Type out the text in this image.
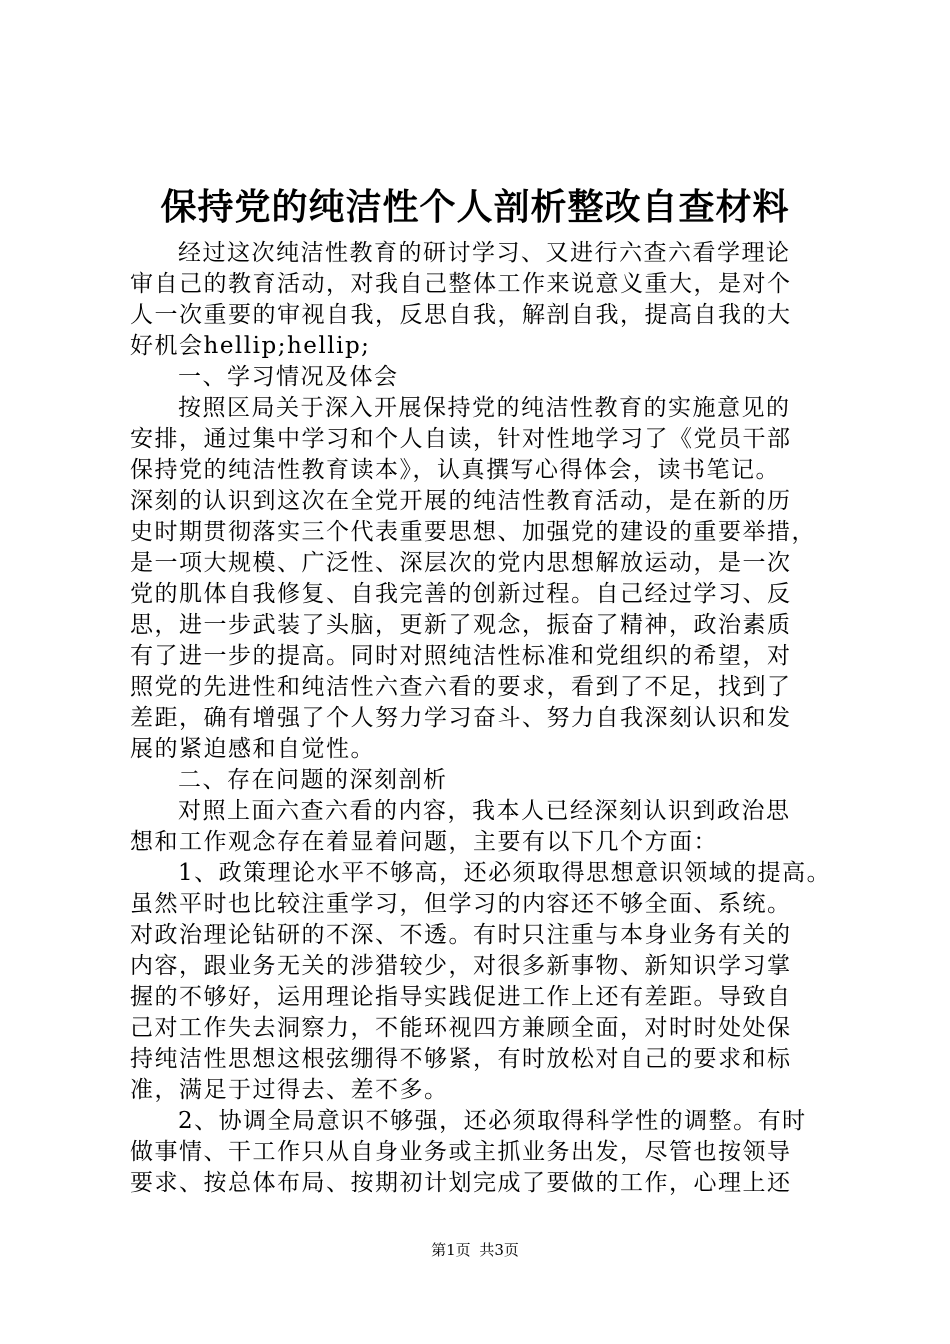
保持党的纯洁性个人剖析整改自查材料
经过这次纯洁性教育的研讨学习、又进行六查六看学理论
审自己的教育活动，对我自己整体工作来说意义重大，是对个
人一次重要的审视自我，反思自我，解剖自我，提高自我的大
好机会hellip;hellip;
一、学习情况及体会
按照区局关于深入开展保持党的纯洁性教育的实施意见的
安排，通过集中学习和个人自读，针对性地学习了《党员干部
保持党的纯洁性教育读本》，认真撰写心得体会，读书笔记。
深刻的认识到这次在全党开展的纯洁性教育活动，是在新的历
史时期贯彻落实三个代表重要思想、加强党的建设的重要举措，
是一项大规模、广泛性、深层次的党内思想解放运动，是一次
党的肌体自我修复、自我完善的创新过程。自己经过学习、反
思，进一步武装了头脑，更新了观念，振奋了精神，政治素质
有了进一步的提高。同时对照纯洁性标准和党组织的希望，对
照党的先进性和纯洁性六查六看的要求，看到了不足，找到了
差距，确有增强了个人努力学习奋斗、努力自我深刻认识和发
展的紧迫感和自觉性。
二、存在问题的深刻剖析
对照上面六查六看的内容，我本人已经深刻认识到政治思
想和工作观念存在着显着问题，主要有以下几个方面：
1、政策理论水平不够高，还必须取得思想意识领域的提高。
虽然平时也比较注重学习，但学习的内容还不够全面、系统。
对政治理论钻研的不深、不透。有时只注重与本身业务有关的
内容，跟业务无关的涉猎较少，对很多新事物、新知识学习掌
握的不够好，运用理论指导实践促进工作上还有差距。导致自
己对工作失去洞察力，不能环视四方兼顾全面，对时时处处保
持纯洁性思想这根弦绷得不够紧，有时放松对自己的要求和标
准，满足于过得去、差不多。
2、协调全局意识不够强，还必须取得科学性的调整。有时
做事情、干工作只从自身业务或主抓业务出发，尽管也按领导
要求、按总体布局、按期初计划完成了要做的工作，心理上还
第1页 共3页
